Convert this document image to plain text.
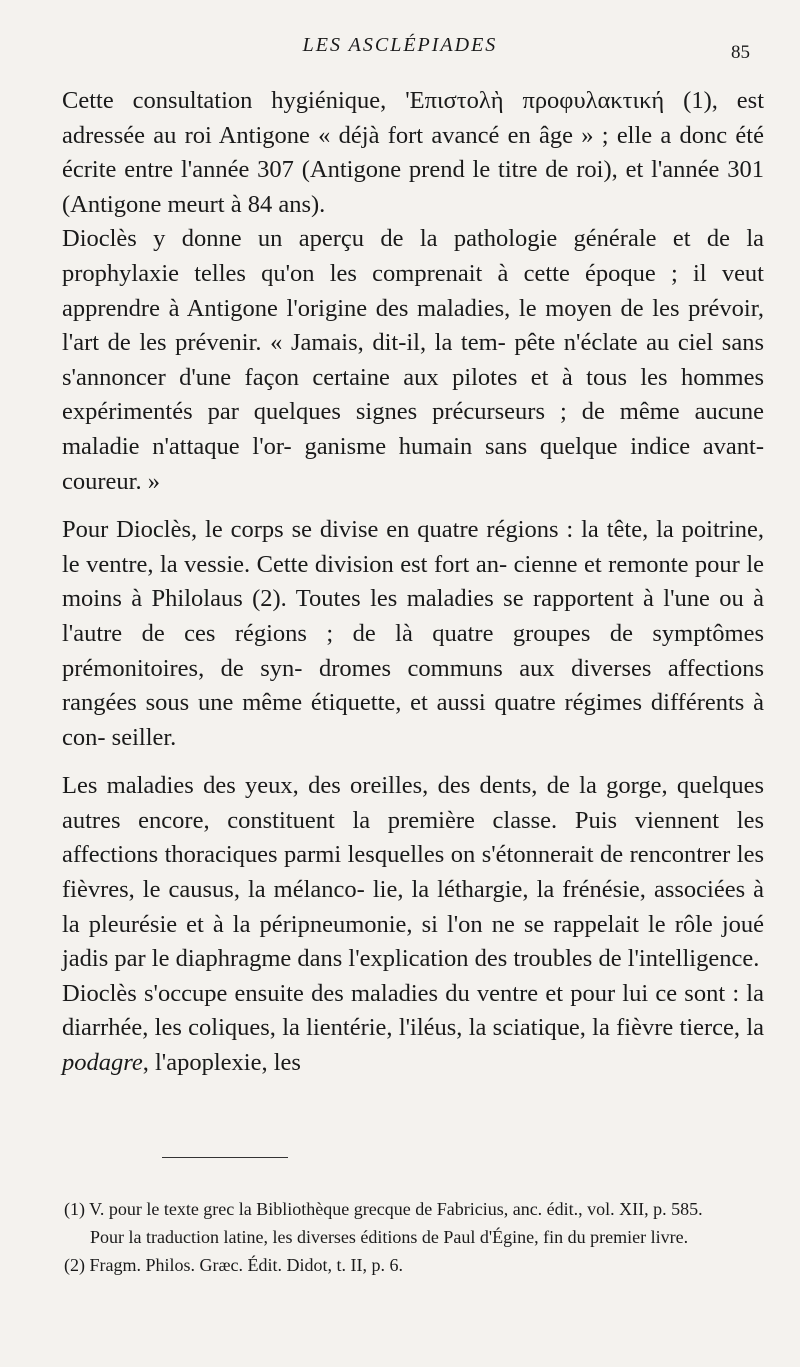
LES ASCLÉPIADES	85

Cette consultation hygiénique, 'Επιστολὴ προφυλακτική (1), est adressée au roi Antigone « déjà fort avancé en âge » ; elle a donc été écrite entre l'année 307 (Antigone prend le titre de roi), et l'année 301 (Antigone meurt à 84 ans).

Dioclès y donne un aperçu de la pathologie générale et de la prophylaxie telles qu'on les comprenait à cette époque ; il veut apprendre à Antigone l'origine des maladies, le moyen de les prévoir, l'art de les prévenir. « Jamais, dit-il, la tem- pête n'éclate au ciel sans s'annoncer d'une façon certaine aux pilotes et à tous les hommes expérimentés par quelques signes précurseurs ; de même aucune maladie n'attaque l'or- ganisme humain sans quelque indice avant-coureur. »

Pour Dioclès, le corps se divise en quatre régions : la tête, la poitrine, le ventre, la vessie. Cette division est fort an- cienne et remonte pour le moins à Philolaus (2). Toutes les maladies se rapportent à l'une ou à l'autre de ces régions ; de là quatre groupes de symptômes prémonitoires, de syn- dromes communs aux diverses affections rangées sous une même étiquette, et aussi quatre régimes différents à con- seiller.

Les maladies des yeux, des oreilles, des dents, de la gorge, quelques autres encore, constituent la première classe. Puis viennent les affections thoraciques parmi lesquelles on s'étonnerait de rencontrer les fièvres, le causus, la mélanco- lie, la léthargie, la frénésie, associées à la pleurésie et à la péripneumonie, si l'on ne se rappelait le rôle joué jadis par le diaphragme dans l'explication des troubles de l'intelligence.

Dioclès s'occupe ensuite des maladies du ventre et pour lui ce sont : la diarrhée, les coliques, la lientérie, l'iléus, la sciatique, la fièvre tierce, la podagre, l'apoplexie, les

(1) V. pour le texte grec la Bibliothèque grecque de Fabricius, anc. édit., vol. XII, p. 585.

Pour la traduction latine, les diverses éditions de Paul d'Égine, fin du premier livre.

(2) Fragm. Philos. Græc. Édit. Didot, t. II, p. 6.
